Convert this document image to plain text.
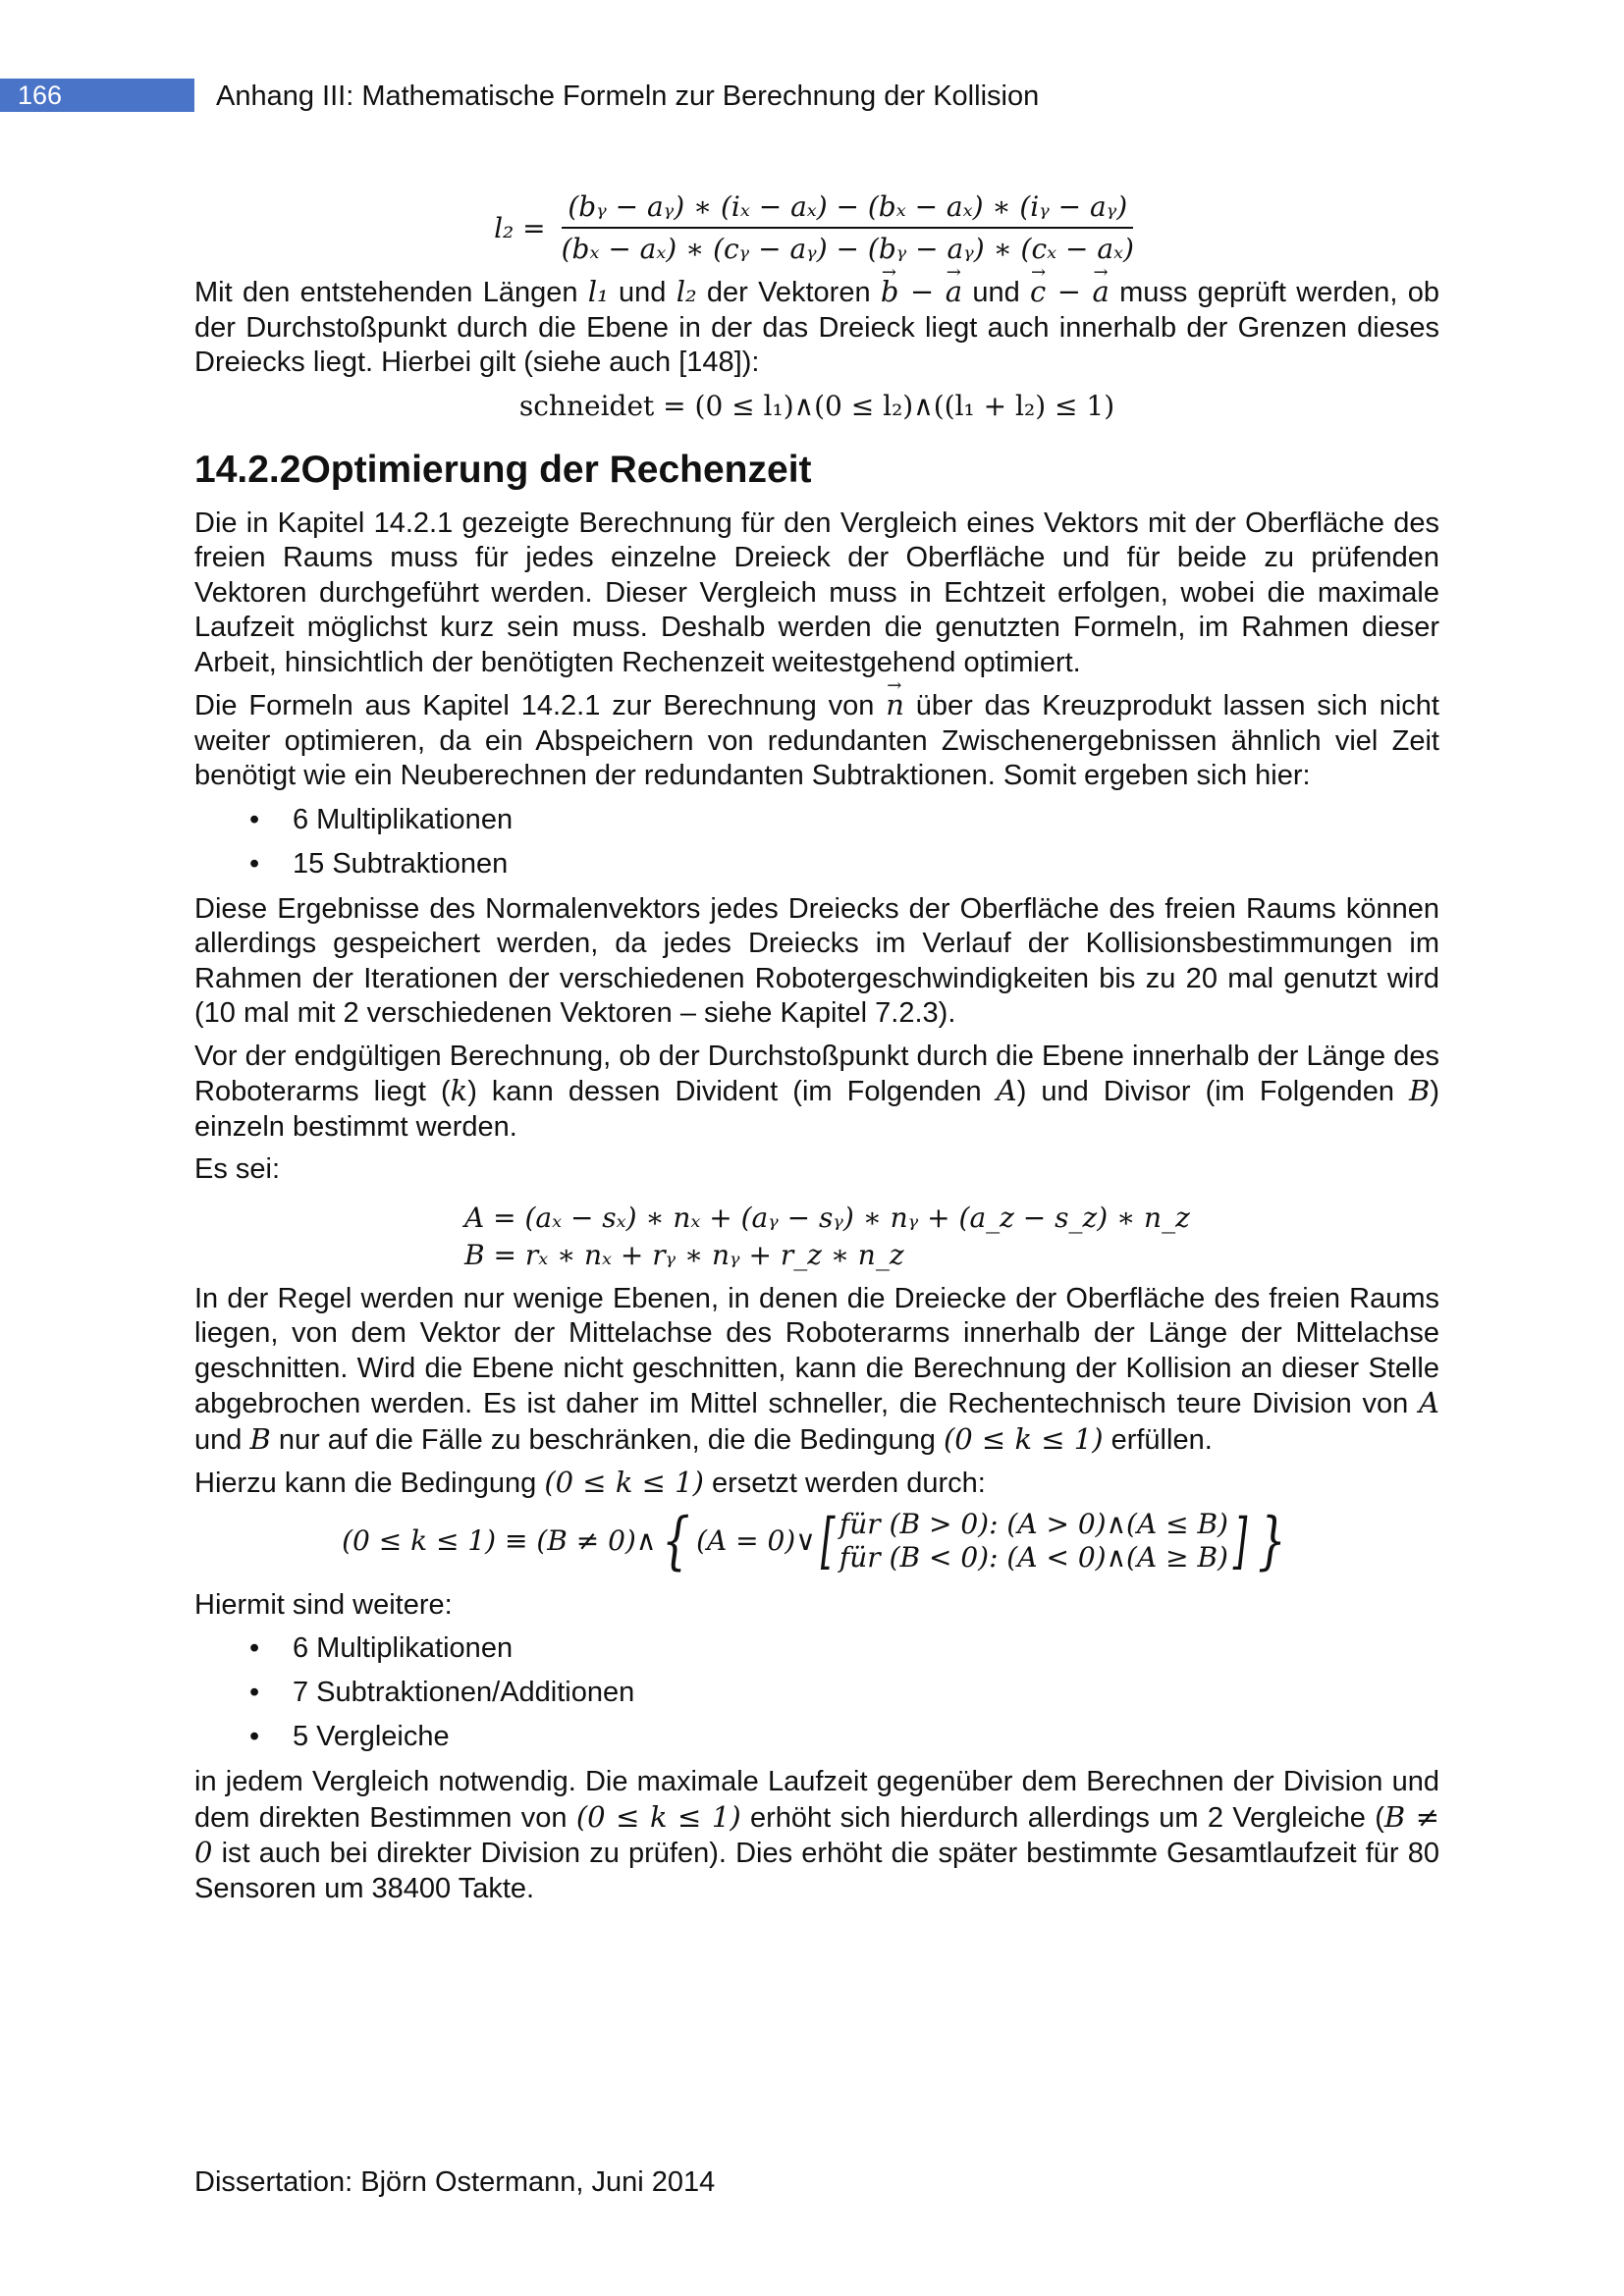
166	Anhang III: Mathematische Formeln zur Berechnung der Kollision
$l_2 = \frac{\text{(bᵧ − aᵧ) ∗ (iₓ − aₓ) − (bₓ − aₓ) ∗ (iᵧ − aᵧ)}}{\text{(bₓ − aₓ) ∗ (cᵧ − aᵧ) − (bᵧ − aᵧ) ∗ (cₓ − aₓ)}}$

Mit den entstehenden Längen l₁ und l₂ der Vektoren → b − → a und → c − → a muss geprüft werden, ob der Durchstoßpunkt durch die Ebene in der das Dreieck liegt auch innerhalb der Grenzen dieses Dreiecks liegt. Hierbei gilt (siehe auch [148]):

schneidet = (0 ≤ l₁)∧(0 ≤ l₂)∧((l₁ + l₂) ≤ 1)
14.2.2Optimierung der Rechenzeit

Die in Kapitel 14.2.1 gezeigte Berechnung für den Vergleich eines Vektors mit der Oberfläche des freien Raums muss für jedes einzelne Dreieck der Oberfläche und für beide zu prüfenden Vektoren durchgeführt werden. Dieser Vergleich muss in Echtzeit erfolgen, wobei die maximale Laufzeit möglichst kurz sein muss. Deshalb werden die genutzten Formeln, im Rahmen dieser Arbeit, hinsichtlich der benötigten Rechenzeit weitestgehend optimiert.

Die Formeln aus Kapitel 14.2.1 zur Berechnung von → n über das Kreuzprodukt lassen sich nicht weiter optimieren, da ein Abspeichern von redundanten Zwischenergebnissen ähnlich viel Zeit benötigt wie ein Neuberechnen der redundanten Subtraktionen. Somit ergeben sich hier:

• 6 Multiplikationen
• 15 Subtraktionen

Diese Ergebnisse des Normalenvektors jedes Dreiecks der Oberfläche des freien Raums können allerdings gespeichert werden, da jedes Dreiecks im Verlauf der Kollisionsbestimmungen im Rahmen der Iterationen der verschiedenen Robotergeschwindigkeiten bis zu 20 mal genutzt wird (10 mal mit 2 verschiedenen Vektoren – siehe Kapitel 7.2.3).

Vor der endgültigen Berechnung, ob der Durchstoßpunkt durch die Ebene innerhalb der Länge des Roboterarms liegt (k) kann dessen Divident (im Folgenden A) und Divisor (im Folgenden B) einzeln bestimmt werden.

Es sei:

A = (aₓ − sₓ) ∗ nₓ + (aᵧ − sᵧ) ∗ nᵧ + (a_z − s_z) ∗ n_z
B = rₓ ∗ nₓ + rᵧ ∗ nᵧ + r_z ∗ n_z

In der Regel werden nur wenige Ebenen, in denen die Dreiecke der Oberfläche des freien Raums liegen, von dem Vektor der Mittelachse des Roboterarms innerhalb der Länge der Mittelachse geschnitten. Wird die Ebene nicht geschnitten, kann die Berechnung der Kollision an dieser Stelle abgebrochen werden. Es ist daher im Mittel schneller, die Rechentechnisch teure Division von A und B nur auf die Fälle zu beschränken, die die Bedingung (0 ≤ k ≤ 1) erfüllen.

Hierzu kann die Bedingung (0 ≤ k ≤ 1) ersetzt werden durch:

(0 ≤ k ≤ 1) ≡ (B ≠ 0)∧ { (A = 0)∨ [ für (B > 0): (A > 0)∧(A ≤ B)
für (B < 0): (A < 0)∧(A ≥ B) ] }

Hiermit sind weitere:

• 6 Multiplikationen
• 7 Subtraktionen/Additionen
• 5 Vergleiche

in jedem Vergleich notwendig. Die maximale Laufzeit gegenüber dem Berechnen der Division und dem direkten Bestimmen von (0 ≤ k ≤ 1) erhöht sich hierdurch allerdings um 2 Vergleiche (B ≠ 0 ist auch bei direkter Division zu prüfen). Dies erhöht die später bestimmte Gesamtlaufzeit für 80 Sensoren um 38400 Takte.

Dissertation: Björn Ostermann, Juni 2014
